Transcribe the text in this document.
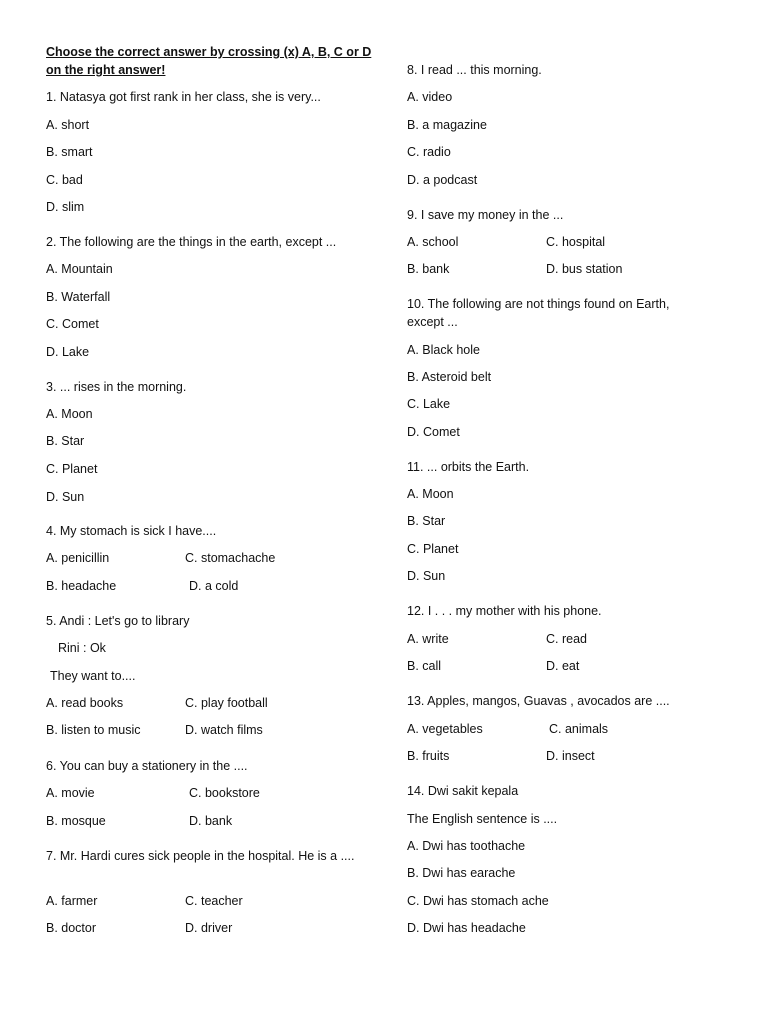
Choose the correct answer by crossing (x) A, B, C or D on the right answer!
1. Natasya got first rank in her class, she is very...
A. short
B. smart
C. bad
D. slim
2. The following are the things in the earth, except ...
A. Mountain
B. Waterfall
C. Comet
D. Lake
3. ... rises in the morning.
A. Moon
B. Star
C. Planet
D. Sun
4. My stomach is sick I have....
A. penicillin	C. stomachache
B. headache	D. a cold
5. Andi : Let's go to library
Rini : Ok
They want to....
A. read books	C. play football
B. listen to music	D. watch films
6. You can buy a stationery in the ....
A. movie	C. bookstore
B. mosque	D. bank
7. Mr. Hardi cures sick people in the hospital. He is a ....
A. farmer	C. teacher
B. doctor	D. driver
8. I read ... this morning.
A. video
B. a magazine
C. radio
D. a podcast
9. I save my money in the ...
A. school	C. hospital
B. bank	D. bus station
10. The following are not things found on Earth, except ...
A. Black hole
B. Asteroid belt
C. Lake
D. Comet
11. ... orbits the Earth.
A. Moon
B. Star
C. Planet
D. Sun
12. I . . . my mother with his phone.
A. write	C. read
B. call	D. eat
13. Apples, mangos, Guavas , avocados are ....
A. vegetables	C. animals
B. fruits	D. insect
14. Dwi sakit kepala
The English sentence is ....
A. Dwi has toothache
B. Dwi has earache
C. Dwi has stomach ache
D. Dwi has headache
